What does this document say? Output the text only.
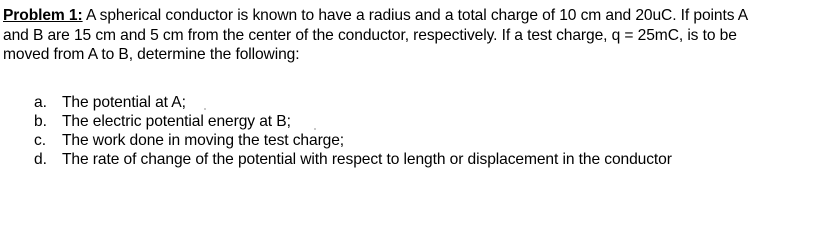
Problem 1: A spherical conductor is known to have a radius and a total charge of 10 cm and 20uC. If points A
and B are 15 cm and 5 cm from the center of the conductor, respectively. If a test charge, q = 25mC, is to be
moved from A to B, determine the following:
a. The potential at A;
b. The electric potential energy at B;
c. The work done in moving the test charge;
d. The rate of change of the potential with respect to length or displacement in the conductor
